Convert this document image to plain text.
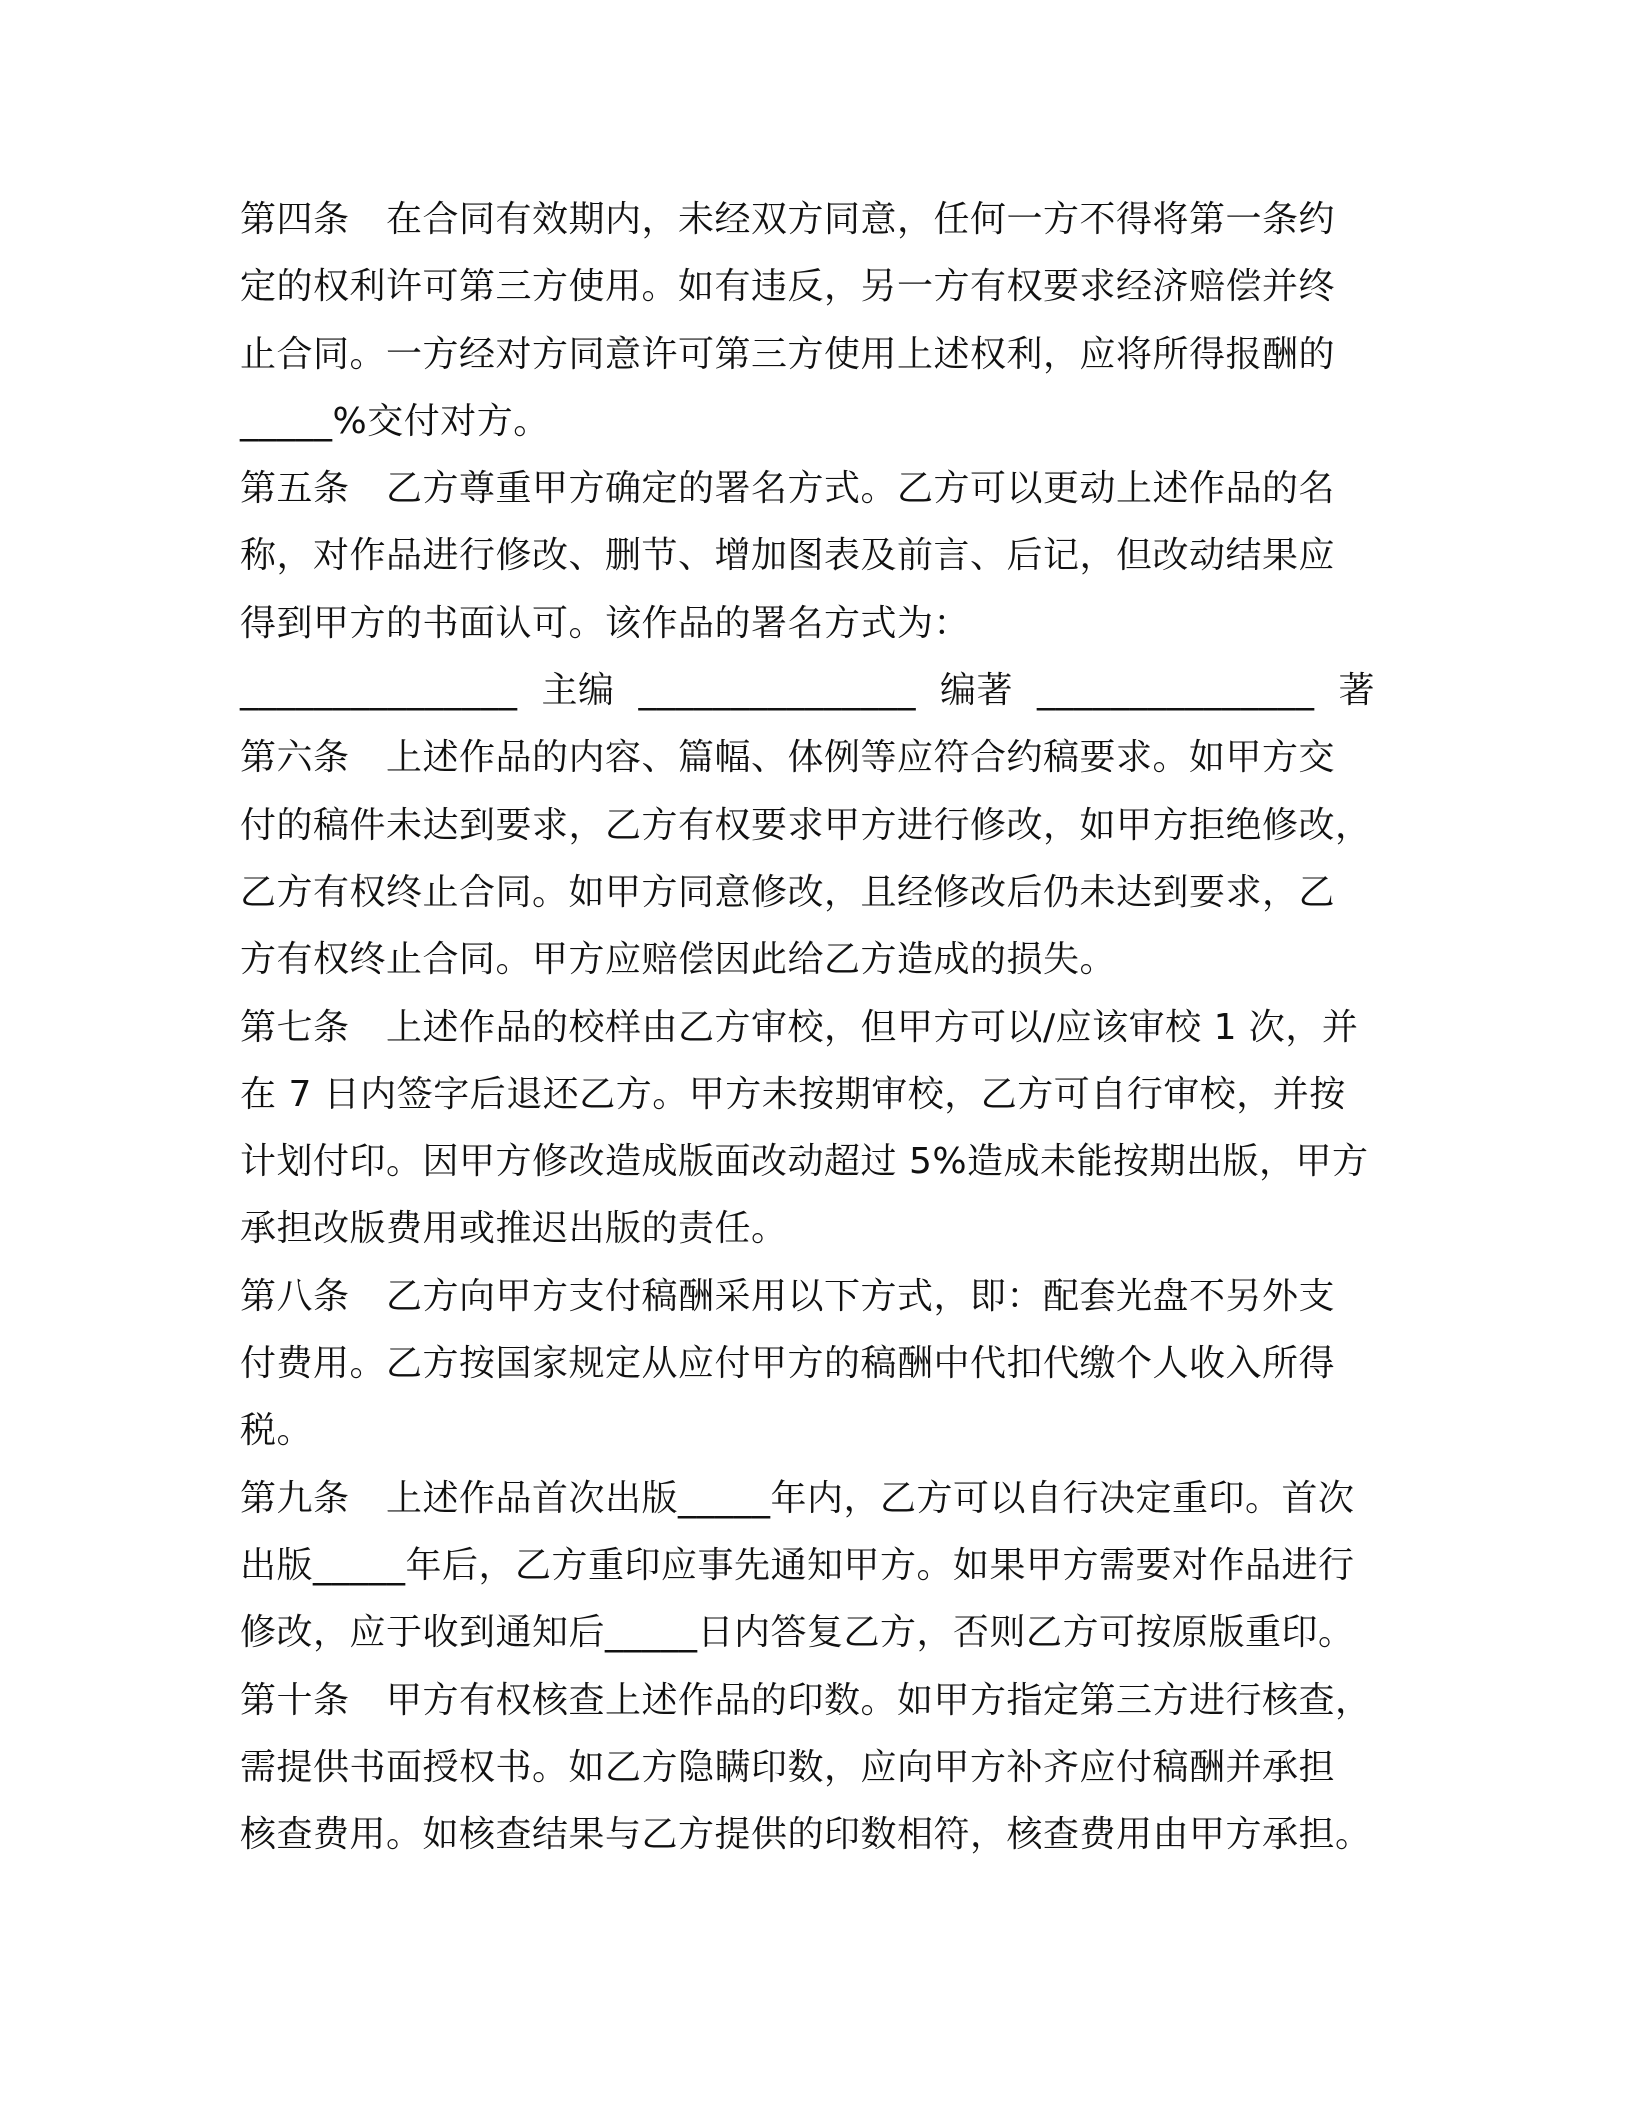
第四条　在合同有效期内，未经双方同意，任何一方不得将第一条约
定的权利许可第三方使用。如有违反，另一方有权要求经济赔偿并终
止合同。一方经对方同意许可第三方使用上述权利，应将所得报酬的
_____%交付对方。
第五条　乙方尊重甲方确定的署名方式。乙方可以更动上述作品的名
称，对作品进行修改、删节、增加图表及前言、后记，但改动结果应
得到甲方的书面认可。该作品的署名方式为：
_______________ 主编 _______________ 编著 _______________ 著
第六条　上述作品的内容、篇幅、体例等应符合约稿要求。如甲方交
付的稿件未达到要求，乙方有权要求甲方进行修改，如甲方拒绝修改，
乙方有权终止合同。如甲方同意修改，且经修改后仍未达到要求，乙
方有权终止合同。甲方应赔偿因此给乙方造成的损失。
第七条　上述作品的校样由乙方审校，但甲方可以/应该审校 1 次，并
在 7 日内签字后退还乙方。甲方未按期审校，乙方可自行审校，并按
计划付印。因甲方修改造成版面改动超过 5%造成未能按期出版，甲方
承担改版费用或推迟出版的责任。
第八条　乙方向甲方支付稿酬采用以下方式，即：配套光盘不另外支
付费用。乙方按国家规定从应付甲方的稿酬中代扣代缴个人收入所得
税。
第九条　上述作品首次出版_____年内，乙方可以自行决定重印。首次
出版_____年后，乙方重印应事先通知甲方。如果甲方需要对作品进行
修改，应于收到通知后_____日内答复乙方，否则乙方可按原版重印。
第十条　甲方有权核查上述作品的印数。如甲方指定第三方进行核查，
需提供书面授权书。如乙方隐瞒印数，应向甲方补齐应付稿酬并承担
核查费用。如核查结果与乙方提供的印数相符，核查费用由甲方承担。
